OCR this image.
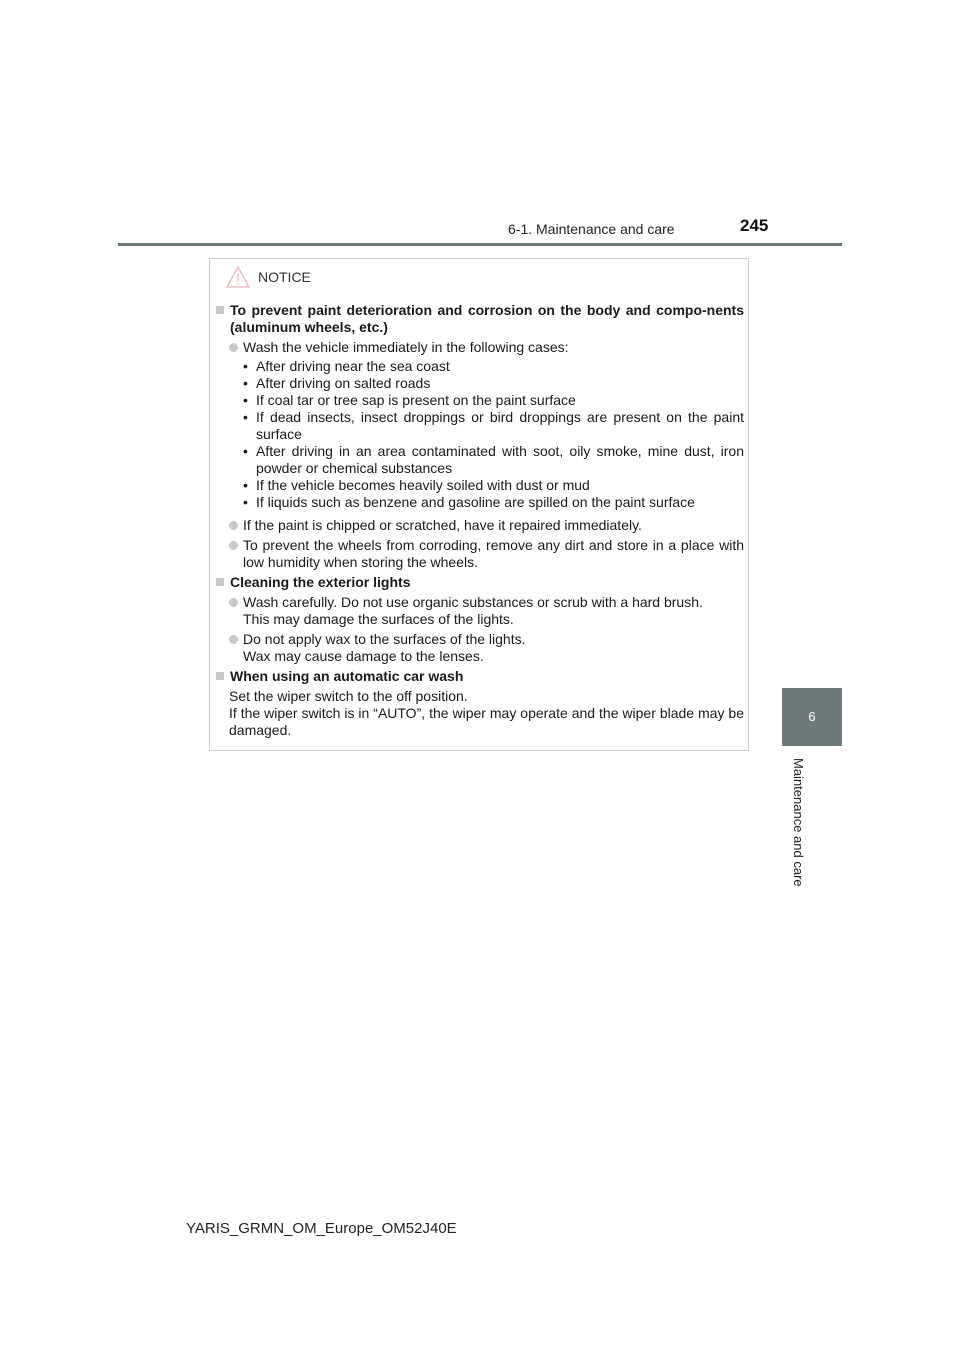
6-1. Maintenance and care	245
6
Maintenance and care
NOTICE
To prevent paint deterioration and corrosion on the body and compo-nents (aluminum wheels, etc.)
Wash the vehicle immediately in the following cases:
• After driving near the sea coast
• After driving on salted roads
• If coal tar or tree sap is present on the paint surface
• If dead insects, insect droppings or bird droppings are present on the paint surface
• After driving in an area contaminated with soot, oily smoke, mine dust, iron powder or chemical substances
• If the vehicle becomes heavily soiled with dust or mud
• If liquids such as benzene and gasoline are spilled on the paint surface
If the paint is chipped or scratched, have it repaired immediately.
To prevent the wheels from corroding, remove any dirt and store in a place with low humidity when storing the wheels.
Cleaning the exterior lights
Wash carefully. Do not use organic substances or scrub with a hard brush.
This may damage the surfaces of the lights.
Do not apply wax to the surfaces of the lights.
Wax may cause damage to the lenses.
When using an automatic car wash
Set the wiper switch to the off position.
If the wiper switch is in “AUTO”, the wiper may operate and the wiper blade may be damaged.
YARIS_GRMN_OM_Europe_OM52J40E
